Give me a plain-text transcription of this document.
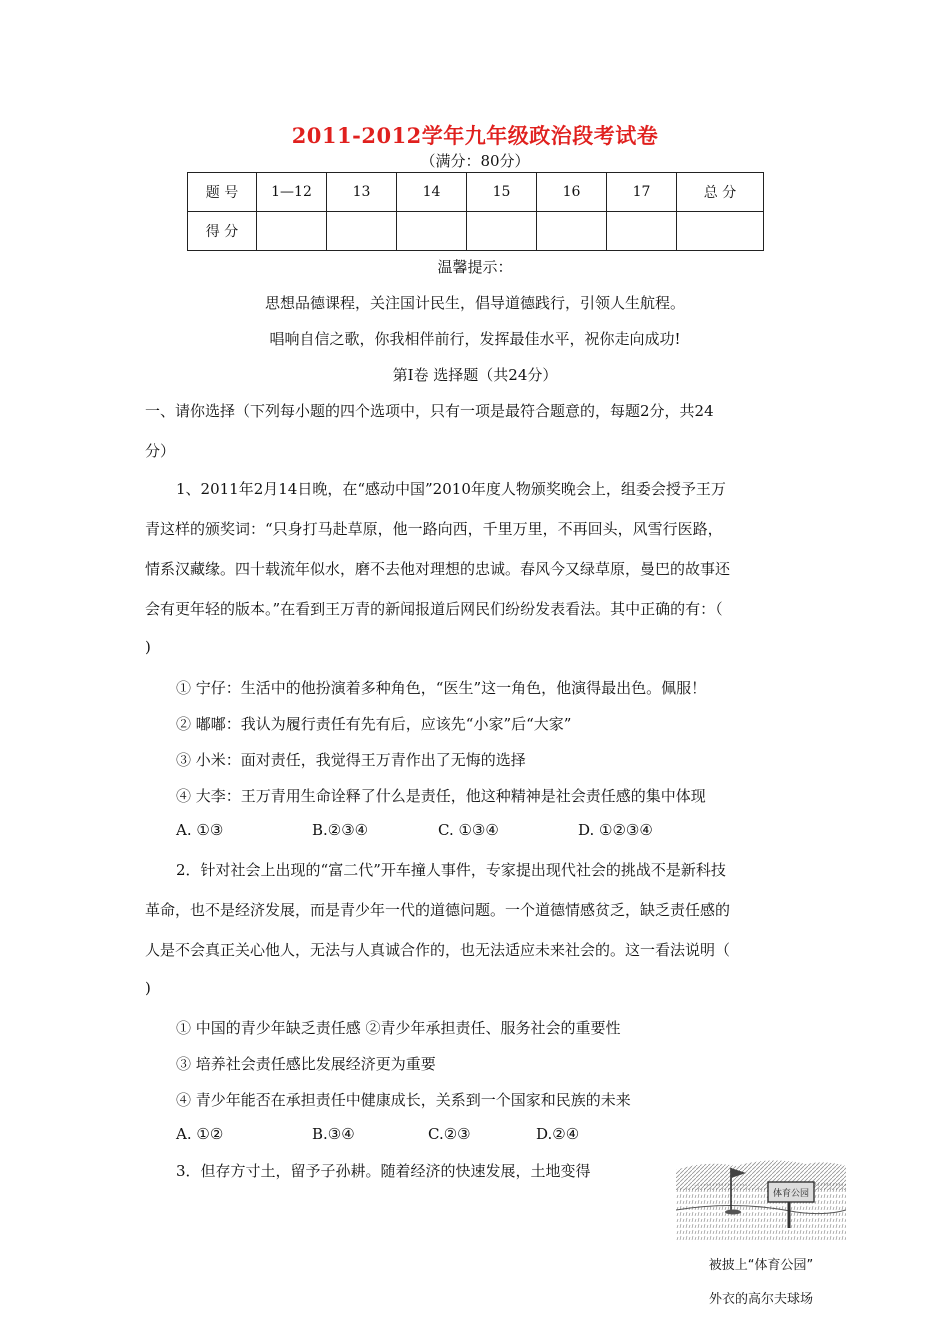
2011-2012学年九年级政治段考试卷
（满分：80分）
题 号	1—12	13	14	15	16	17	总 分
得 分							
温馨提示：
思想品德课程，关注国计民生，倡导道德践行，引领人生航程。
唱响自信之歌，你我相伴前行，发挥最佳水平，祝你走向成功!
第Ⅰ卷 选择题（共24分）
一、请你选择（下列每小题的四个选项中，只有一项是最符合题意的，每题2分，共24
分）
1、2011年2月14日晚，在“感动中国”2010年度人物颁奖晚会上，组委会授予王万
青这样的颁奖词：“只身打马赴草原，他一路向西，千里万里，不再回头，风雪行医路，
情系汉藏缘。四十载流年似水，磨不去他对理想的忠诚。春风今又绿草原，曼巴的故事还
会有更年轻的版本。”在看到王万青的新闻报道后网民们纷纷发表看法。其中正确的有：（
)
① 宁仔：生活中的他扮演着多种角色，“医生”这一角色，他演得最出色。佩服！
② 嘟嘟：我认为履行责任有先有后，应该先“小家”后“大家”
③ 小米：面对责任，我觉得王万青作出了无悔的选择
④ 大李：王万青用生命诠释了什么是责任，他这种精神是社会责任感的集中体现
A. ①③	B.②③④	C. ①③④	D. ①②③④
2．针对社会上出现的“富二代”开车撞人事件，专家提出现代社会的挑战不是新科技
革命，也不是经济发展，而是青少年一代的道德问题。一个道德情感贫乏，缺乏责任感的
人是不会真正关心他人，无法与人真诚合作的，也无法适应未来社会的。这一看法说明（
)
① 中国的青少年缺乏责任感 ②青少年承担责任、服务社会的重要性
③ 培养社会责任感比发展经济更为重要
④ 青少年能否在承担责任中健康成长，关系到一个国家和民族的未来
A. ①②	B.③④	C.②③	D.②④
3．但存方寸土，留予子孙耕。随着经济的快速发展，土地变得
体育公园
被披上“体育公园”
外衣的高尔夫球场
